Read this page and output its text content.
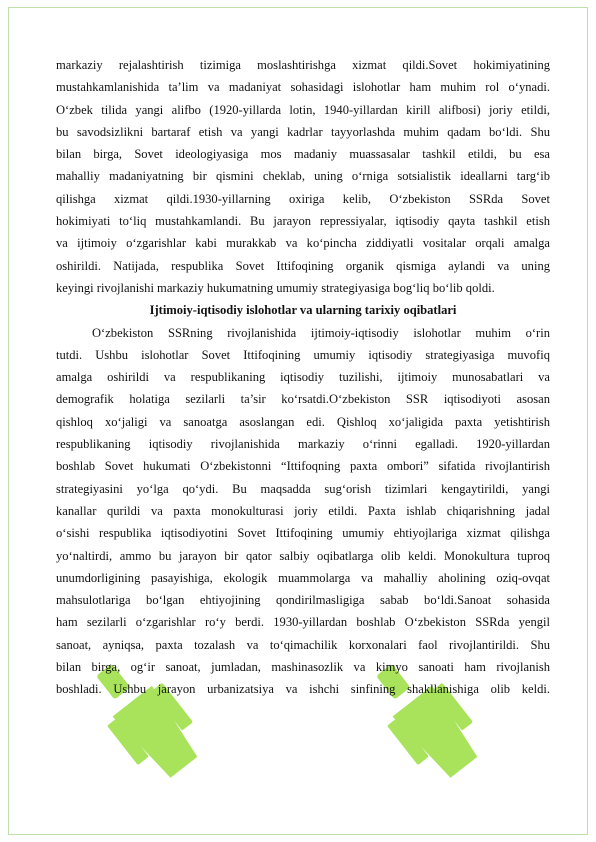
markaziy rejalashtirish tizimiga moslashtirishga xizmat qildi.Sovet hokimiyatining
mustahkamlanishida ta’lim va madaniyat sohasidagi islohotlar ham muhim rol o‘ynadi.
O‘zbek tilida yangi alifbo (1920-yillarda lotin, 1940-yillardan kirill alifbosi) joriy etildi,
bu savodsizlikni bartaraf etish va yangi kadrlar tayyorlashda muhim qadam bo‘ldi. Shu
bilan birga, Sovet ideologiyasiga mos madaniy muassasalar tashkil etildi, bu esa
mahalliy madaniyatning bir qismini cheklab, uning o‘rniga sotsialistik ideallarni targ‘ib
qilishga xizmat qildi.1930-yillarning oxiriga kelib, O‘zbekiston SSRda Sovet
hokimiyati to‘liq mustahkamlandi. Bu jarayon repressiyalar, iqtisodiy qayta tashkil etish
va ijtimoiy o‘zgarishlar kabi murakkab va ko‘pincha ziddiyatli vositalar orqali amalga
oshirildi. Natijada, respublika Sovet Ittifoqining organik qismiga aylandi va uning
keyingi rivojlanishi markaziy hukumatning umumiy strategiyasiga bog‘liq bo‘lib qoldi.

Ijtimoiy-iqtisodiy islohotlar va ularning tarixiy oqibatlari

O‘zbekiston SSRning rivojlanishida ijtimoiy-iqtisodiy islohotlar muhim o‘rin
tutdi. Ushbu islohotlar Sovet Ittifoqining umumiy iqtisodiy strategiyasiga muvofiq
amalga oshirildi va respublikaning iqtisodiy tuzilishi, ijtimoiy munosabatlari va
demografik holatiga sezilarli ta’sir ko‘rsatdi.O‘zbekiston SSR iqtisodiyoti asosan
qishloq xo‘jaligi va sanoatga asoslangan edi. Qishloq xo‘jaligida paxta yetishtirish
respublikaning iqtisodiy rivojlanishida markaziy o‘rinni egalladi. 1920-yillardan
boshlab Sovet hukumati O‘zbekistonni “Ittifoqning paxta ombori” sifatida rivojlantirish
strategiyasini yo‘lga qo‘ydi. Bu maqsadda sug‘orish tizimlari kengaytirildi, yangi
kanallar qurildi va paxta monokulturasi joriy etildi. Paxta ishlab chiqarishning jadal
o‘sishi respublika iqtisodiyotini Sovet Ittifoqining umumiy ehtiyojlariga xizmat qilishga
yo‘naltirdi, ammo bu jarayon bir qator salbiy oqibatlarga olib keldi. Monokultura tuproq
unumdorligining pasayishiga, ekologik muammolarga va mahalliy aholining oziq-ovqat
mahsulotlariga bo‘lgan ehtiyojining qondirilmasligiga sabab bo‘ldi.Sanoat sohasida
ham sezilarli o‘zgarishlar ro‘y berdi. 1930-yillardan boshlab O‘zbekiston SSRda yengil
sanoat, ayniqsa, paxta tozalash va to‘qimachilik korxonalari faol rivojlantirildi. Shu
bilan birga, og‘ir sanoat, jumladan, mashinasozlik va kimyo sanoati ham rivojlanish
boshladi. Ushbu jarayon urbanizatsiya va ishchi sinfining shakllanishiga olib keldi.
